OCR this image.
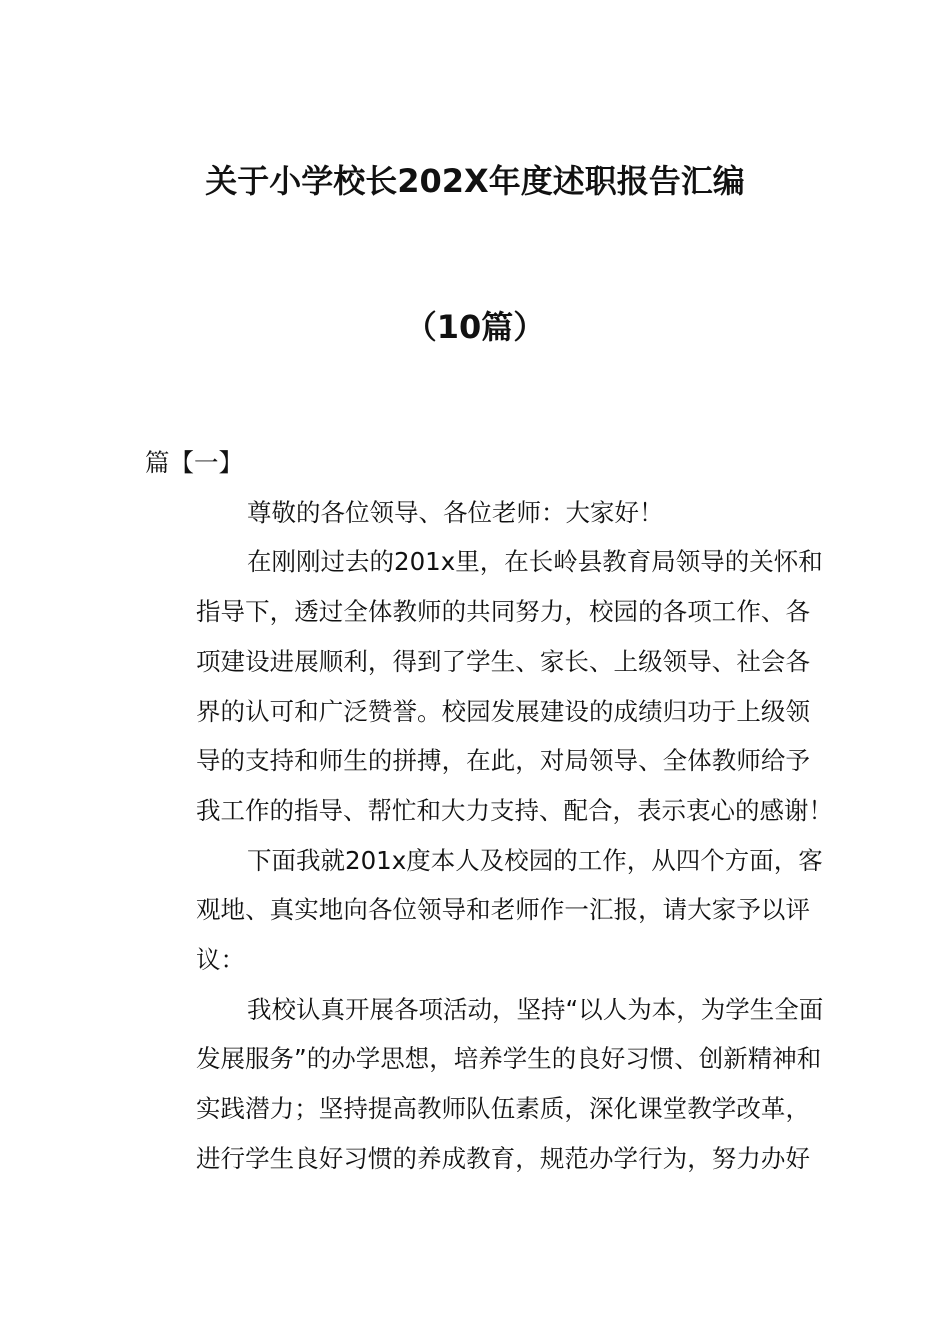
关于小学校长202X年度述职报告汇编
（10篇）
篇【一】
尊敬的各位领导、各位老师：大家好！
在刚刚过去的201x里，在长岭县教育局领导的关怀和
指导下，透过全体教师的共同努力，校园的各项工作、各
项建设进展顺利，得到了学生、家长、上级领导、社会各
界的认可和广泛赞誉。校园发展建设的成绩归功于上级领
导的支持和师生的拼搏，在此，对局领导、全体教师给予
我工作的指导、帮忙和大力支持、配合，表示衷心的感谢！
下面我就201x度本人及校园的工作，从四个方面，客
观地、真实地向各位领导和老师作一汇报，请大家予以评
议：
我校认真开展各项活动，坚持“以人为本，为学生全面
发展服务”的办学思想，培养学生的良好习惯、创新精神和
实践潜力；坚持提高教师队伍素质，深化课堂教学改革，
进行学生良好习惯的养成教育，规范办学行为，努力办好
